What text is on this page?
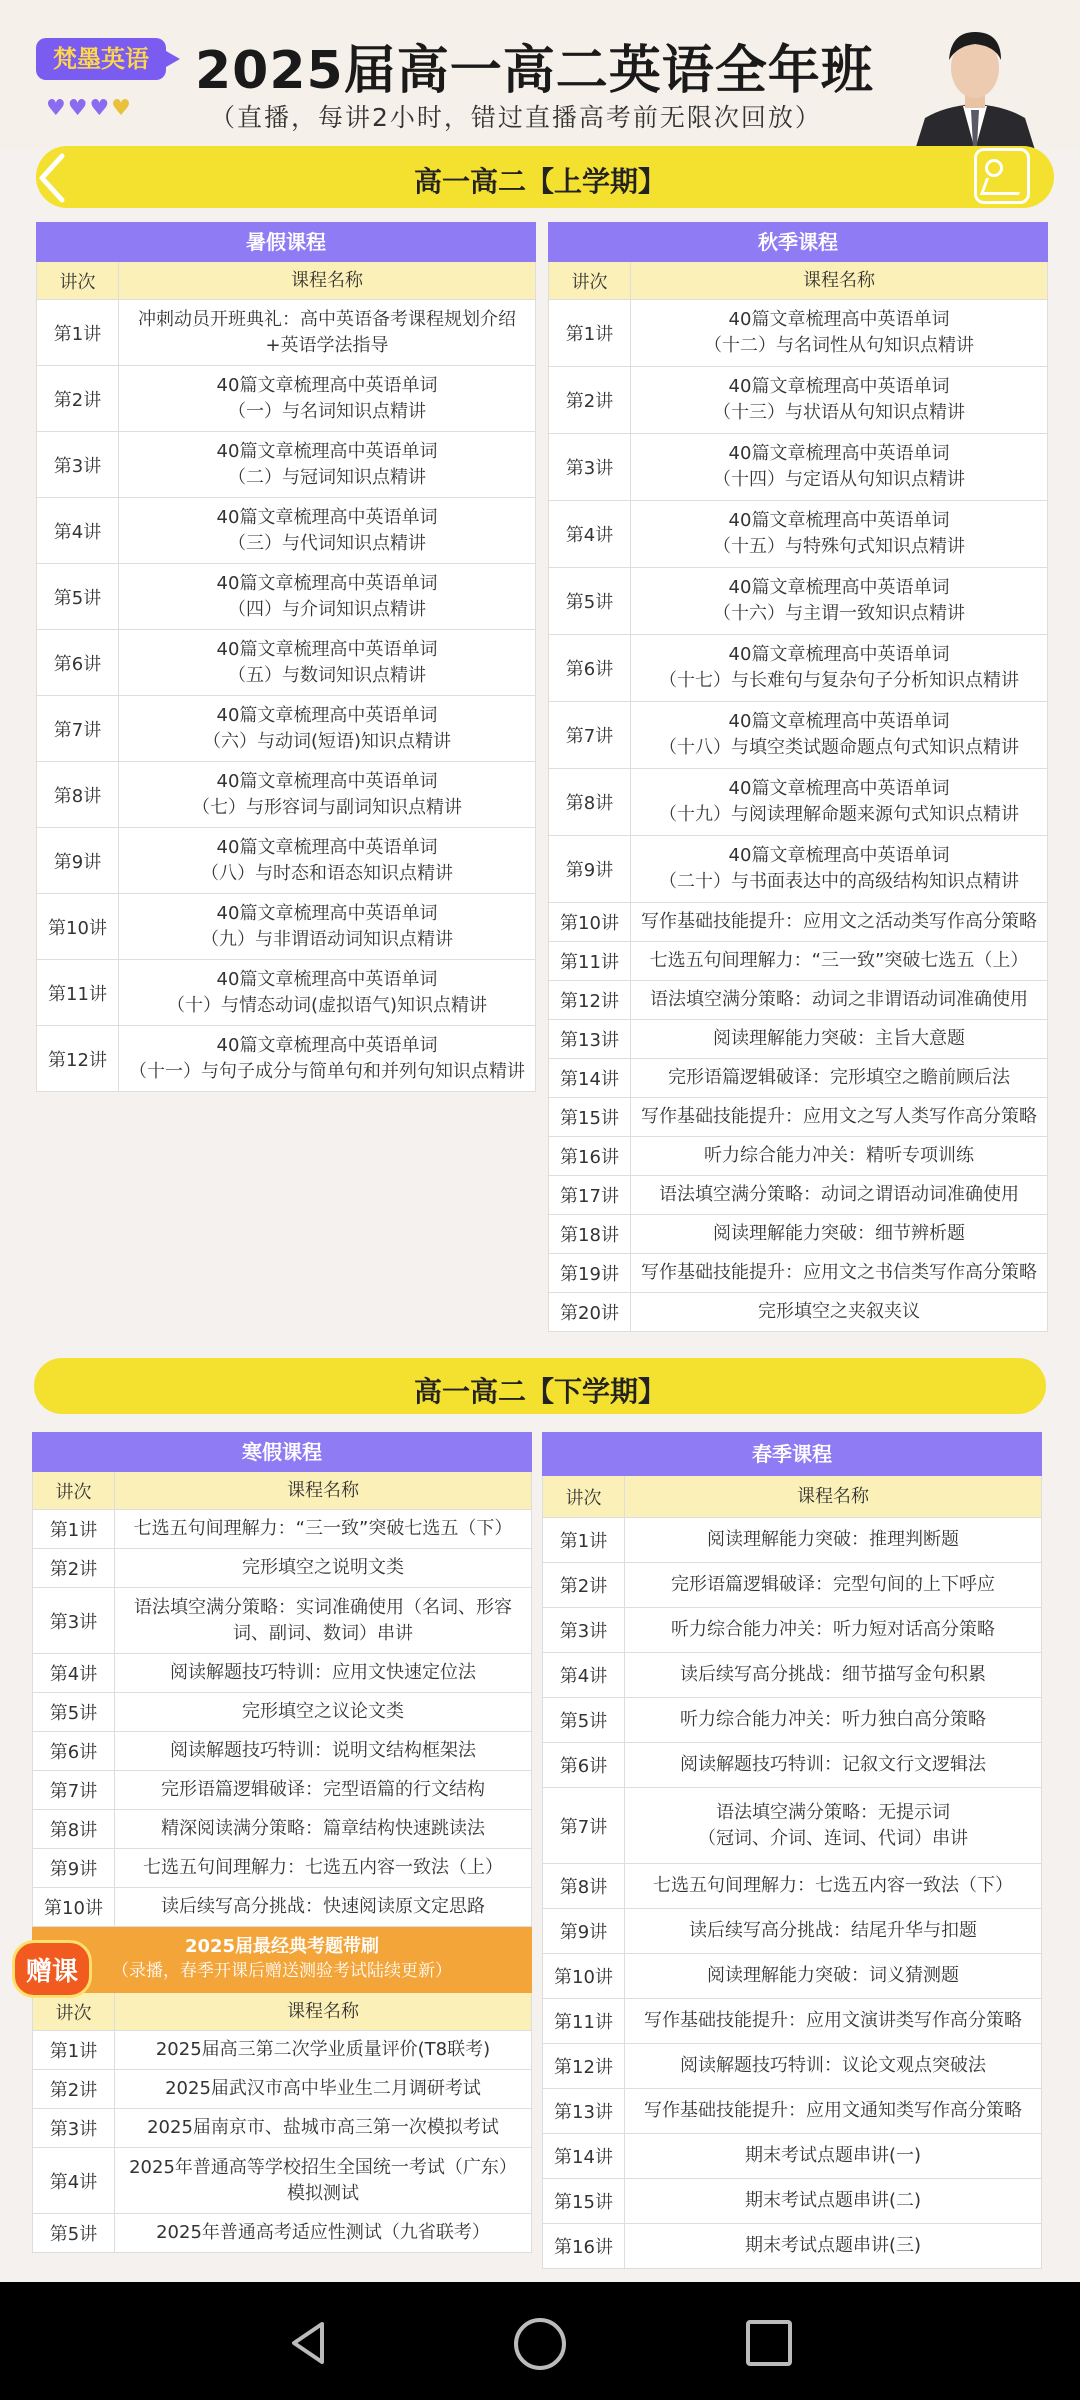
梵墨英语
♥♥♥♥
2025届高一高二英语全年班
（直播，每讲2小时，错过直播高考前无限次回放）
高一高二【上学期】
暑假课程
讲次	课程名称
第1讲
冲刺动员开班典礼：高中英语备考课程规划介绍
+英语学法指导
第2讲
40篇文章梳理高中英语单词
（一）与名词知识点精讲
第3讲
40篇文章梳理高中英语单词
（二）与冠词知识点精讲
第4讲
40篇文章梳理高中英语单词
（三）与代词知识点精讲
第5讲
40篇文章梳理高中英语单词
（四）与介词知识点精讲
第6讲
40篇文章梳理高中英语单词
（五）与数词知识点精讲
第7讲
40篇文章梳理高中英语单词
（六）与动词(短语)知识点精讲
第8讲
40篇文章梳理高中英语单词
（七）与形容词与副词知识点精讲
第9讲
40篇文章梳理高中英语单词
（八）与时态和语态知识点精讲
第10讲
40篇文章梳理高中英语单词
（九）与非谓语动词知识点精讲
第11讲
40篇文章梳理高中英语单词
（十）与情态动词(虚拟语气)知识点精讲
第12讲
40篇文章梳理高中英语单词
（十一）与句子成分与简单句和并列句知识点精讲
秋季课程
讲次	课程名称
第1讲
40篇文章梳理高中英语单词
（十二）与名词性从句知识点精讲
第2讲
40篇文章梳理高中英语单词
（十三）与状语从句知识点精讲
第3讲
40篇文章梳理高中英语单词
（十四）与定语从句知识点精讲
第4讲
40篇文章梳理高中英语单词
（十五）与特殊句式知识点精讲
第5讲
40篇文章梳理高中英语单词
（十六）与主谓一致知识点精讲
第6讲
40篇文章梳理高中英语单词
（十七）与长难句与复杂句子分析知识点精讲
第7讲
40篇文章梳理高中英语单词
（十八）与填空类试题命题点句式知识点精讲
第8讲
40篇文章梳理高中英语单词
（十九）与阅读理解命题来源句式知识点精讲
第9讲
40篇文章梳理高中英语单词
（二十）与书面表达中的高级结构知识点精讲
第10讲	写作基础技能提升：应用文之活动类写作高分策略
第11讲	七选五句间理解力：“三一致”突破七选五（上）
第12讲	语法填空满分策略：动词之非谓语动词准确使用
第13讲	阅读理解能力突破：主旨大意题
第14讲	完形语篇逻辑破译：完形填空之瞻前顾后法
第15讲	写作基础技能提升：应用文之写人类写作高分策略
第16讲	听力综合能力冲关：精听专项训练
第17讲	语法填空满分策略：动词之谓语动词准确使用
第18讲	阅读理解能力突破：细节辨析题
第19讲	写作基础技能提升：应用文之书信类写作高分策略
第20讲	完形填空之夹叙夹议
高一高二【下学期】
寒假课程
讲次	课程名称
第1讲	七选五句间理解力：“三一致”突破七选五（下）
第2讲	完形填空之说明文类
第3讲
语法填空满分策略：实词准确使用（名词、形容
词、副词、数词）串讲
第4讲	阅读解题技巧特训：应用文快速定位法
第5讲	完形填空之议论文类
第6讲	阅读解题技巧特训：说明文结构框架法
第7讲	完形语篇逻辑破译：完型语篇的行文结构
第8讲	精深阅读满分策略：篇章结构快速跳读法
第9讲	七选五句间理解力：七选五内容一致法（上）
第10讲	读后续写高分挑战：快速阅读原文定思路
2025届最经典考题带刷
（录播，春季开课后赠送测验考试陆续更新）
讲次	课程名称
第1讲	2025届高三第二次学业质量评价(T8联考)
第2讲	2025届武汉市高中毕业生二月调研考试
第3讲	2025届南京市、盐城市高三第一次模拟考试
第4讲
2025年普通高等学校招生全国统一考试（广东）
模拟测试
第5讲	2025年普通高考适应性测试（九省联考）
赠课
春季课程
讲次	课程名称
第1讲	阅读理解能力突破：推理判断题
第2讲	完形语篇逻辑破译：完型句间的上下呼应
第3讲	听力综合能力冲关：听力短对话高分策略
第4讲	读后续写高分挑战：细节描写金句积累
第5讲	听力综合能力冲关：听力独白高分策略
第6讲	阅读解题技巧特训：记叙文行文逻辑法
第7讲
语法填空满分策略：无提示词
（冠词、介词、连词、代词）串讲
第8讲	七选五句间理解力：七选五内容一致法（下）
第9讲	读后续写高分挑战：结尾升华与扣题
第10讲	阅读理解能力突破：词义猜测题
第11讲	写作基础技能提升：应用文演讲类写作高分策略
第12讲	阅读解题技巧特训：议论文观点突破法
第13讲	写作基础技能提升：应用文通知类写作高分策略
第14讲	期末考试点题串讲(一)
第15讲	期末考试点题串讲(二)
第16讲	期末考试点题串讲(三)
